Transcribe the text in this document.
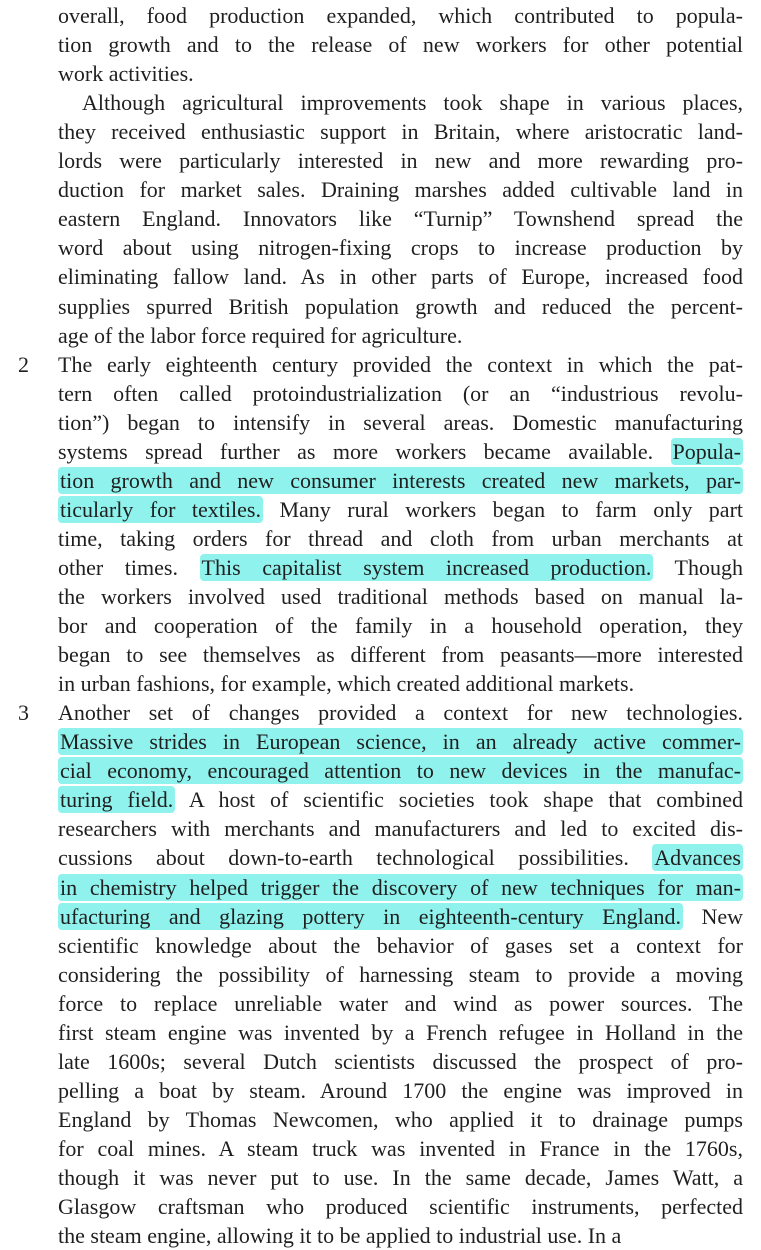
overall, food production expanded, which contributed to popula-
tion growth and to the release of new workers for other potential
work activities.
Although agricultural improvements took shape in various places,
they received enthusiastic support in Britain, where aristocratic land-
lords were particularly interested in new and more rewarding pro-
duction for market sales. Draining marshes added cultivable land in
eastern England. Innovators like “Turnip” Townshend spread the
word about using nitrogen-fixing crops to increase production by
eliminating fallow land. As in other parts of Europe, increased food
supplies spurred British population growth and reduced the percent-
age of the labor force required for agriculture.
2	The early eighteenth century provided the context in which the pat-
tern often called protoindustrialization (or an “industrious revolu-
tion”) began to intensify in several areas. Domestic manufacturing
systems spread further as more workers became available. Popula-
tion growth and new consumer interests created new markets, par-
ticularly for textiles. Many rural workers began to farm only part
time, taking orders for thread and cloth from urban merchants at
other times. This capitalist system increased production. Though
the workers involved used traditional methods based on manual la-
bor and cooperation of the family in a household operation, they
began to see themselves as different from peasants—more interested
in urban fashions, for example, which created additional markets.
3	Another set of changes provided a context for new technologies.
Massive strides in European science, in an already active commer-
cial economy, encouraged attention to new devices in the manufac-
turing field. A host of scientific societies took shape that combined
researchers with merchants and manufacturers and led to excited dis-
cussions about down-to-earth technological possibilities. Advances
in chemistry helped trigger the discovery of new techniques for man-
ufacturing and glazing pottery in eighteenth-century England. New
scientific knowledge about the behavior of gases set a context for
considering the possibility of harnessing steam to provide a moving
force to replace unreliable water and wind as power sources. The
first steam engine was invented by a French refugee in Holland in the
late 1600s; several Dutch scientists discussed the prospect of pro-
pelling a boat by steam. Around 1700 the engine was improved in
England by Thomas Newcomen, who applied it to drainage pumps
for coal mines. A steam truck was invented in France in the 1760s,
though it was never put to use. In the same decade, James Watt, a
Glasgow craftsman who produced scientific instruments, perfected
the steam engine, allowing it to be applied to industrial use. In a
